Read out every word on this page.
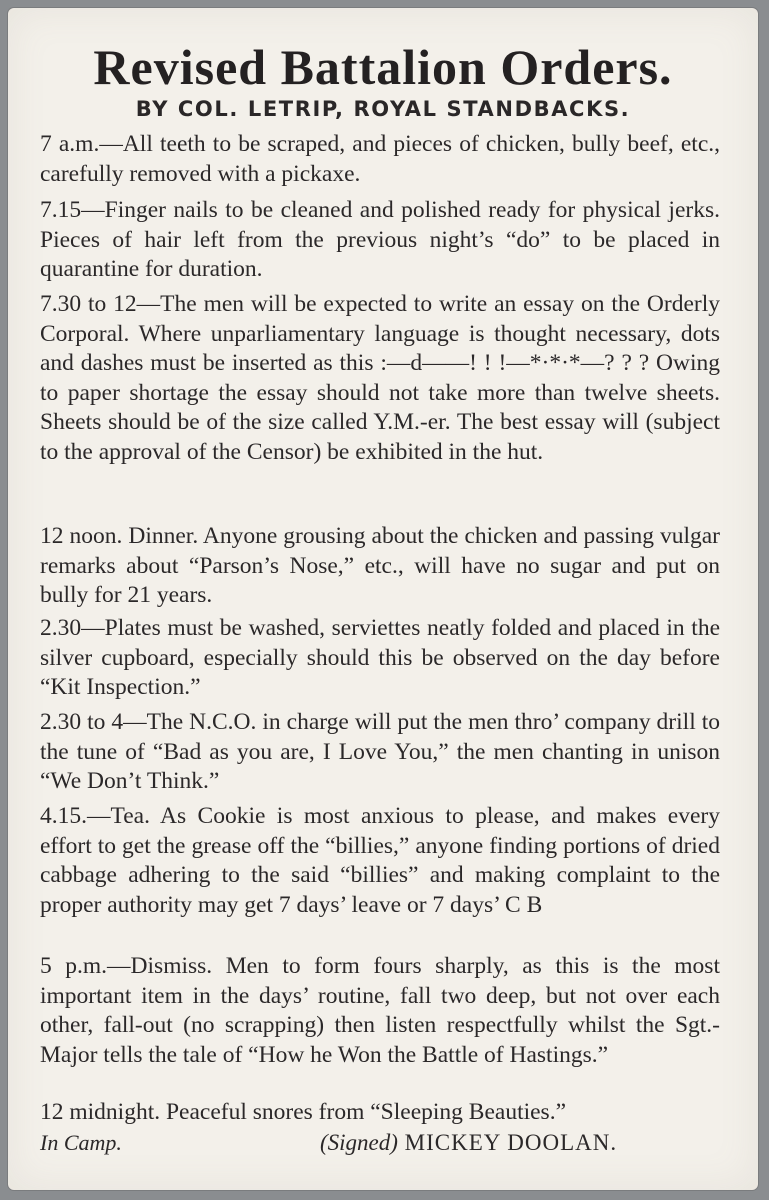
Revised Battalion Orders.
BY COL. LETRIP, ROYAL STANDBACKS.
7 a.m.—All teeth to be scraped, and pieces of chicken, bully beef, etc., carefully removed with a pickaxe.
7.15—Finger nails to be cleaned and polished ready for physical jerks. Pieces of hair left from the previous night’s “do” to be placed in quarantine for duration.
7.30 to 12—The men will be expected to write an essay on the Orderly Corporal. Where unparliamentary language is thought necessary, dots and dashes must be inserted as this :—d——! ! !—*·*·*—? ? ? Owing to paper shortage the essay should not take more than twelve sheets. Sheets should be of the size called Y.M.-er. The best essay will (subject to the approval of the Censor) be exhibited in the hut.
12 noon. Dinner. Anyone grousing about the chicken and passing vulgar remarks about “Parson’s Nose,” etc., will have no sugar and put on bully for 21 years.
2.30—Plates must be washed, serviettes neatly folded and placed in the silver cupboard, especially should this be observed on the day before “Kit Inspection.”
2.30 to 4—The N.C.O. in charge will put the men thro’ company drill to the tune of “Bad as you are, I Love You,” the men chanting in unison “We Don’t Think.”
4.15.—Tea. As Cookie is most anxious to please, and makes every effort to get the grease off the “billies,” anyone finding portions of dried cabbage adhering to the said “billies” and making complaint to the proper authority may get 7 days’ leave or 7 days’ C B
5 p.m.—Dismiss. Men to form fours sharply, as this is the most important item in the days’ routine, fall two deep, but not over each other, fall-out (no scrapping) then listen respectfully whilst the Sgt.-Major tells the tale of “How he Won the Battle of Hastings.”
12 midnight. Peaceful snores from “Sleeping Beauties.”
In Camp.	(Signed) MICKEY DOOLAN.
